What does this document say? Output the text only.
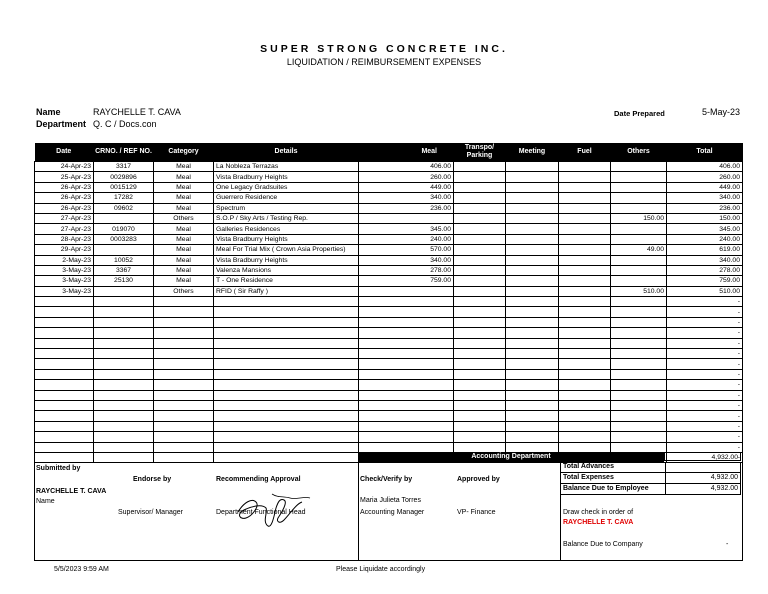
SUPER STRONG CONCRETE INC.
LIQUIDATION / REIMBURSEMENT EXPENSES
Name	RAYCHELLE T. CAVA
Department Q. C / Docs.con
Date Prepared	5-May-23
Date	CRNO. / REF NO.	Category	Details	Meal	Transpo/ Parking	Meeting	Fuel	Others	Total
24-Apr-23	3317	Meal	La Nobleza Terrazas	406.00					406.00
25-Apr-23	0029896	Meal	Vista Bradburry Heights	260.00					260.00
26-Apr-23	0015129	Meal	One Legacy Gradsuites	449.00					449.00
26-Apr-23	17282	Meal	Guerrero Residence	340.00					340.00
26-Apr-23	09602	Meal	Spectrum	236.00					236.00
27-Apr-23		Others	S.O.P / Sky Arts / Testing Rep.					150.00	150.00
27-Apr-23	019070	Meal	Galleries Residences	345.00					345.00
28-Apr-23	0003283	Meal	Vista Bradburry Heights	240.00					240.00
29-Apr-23		Meal	Meal For Trial Mix ( Crown Asia Properties)	570.00				49.00	619.00
2-May-23	10052	Meal	Vista Bradburry Heights	340.00					340.00
3-May-23	3367	Meal	Valenza Mansions	278.00					278.00
3-May-23	25130	Meal	T - One Residence	759.00					759.00
3-May-23		Others	RFID ( Sir Raffy )					510.00	510.00
									-
									-
									-
									-
									-
									-
									-
									-
									-
									-
									-
									-
									-
									-
									-
									-
Accounting Department	4,932.00
Total Advances
Total Expenses	4,932.00
Balance Due to Employee	4,932.00
Submitted by
RAYCHELLE T. CAVA
Name
Endorse by
Supervisor/ Manager
Recommending Approval
Department Functional Head
Check/Verify by
Maria Julieta Torres
Accounting Manager
Approved by
VP- Finance	Draw check in order of
RAYCHELLE T. CAVA
Balance Due to Company	-
5/5/2023 9:59 AM	Please Liquidate accordingly
